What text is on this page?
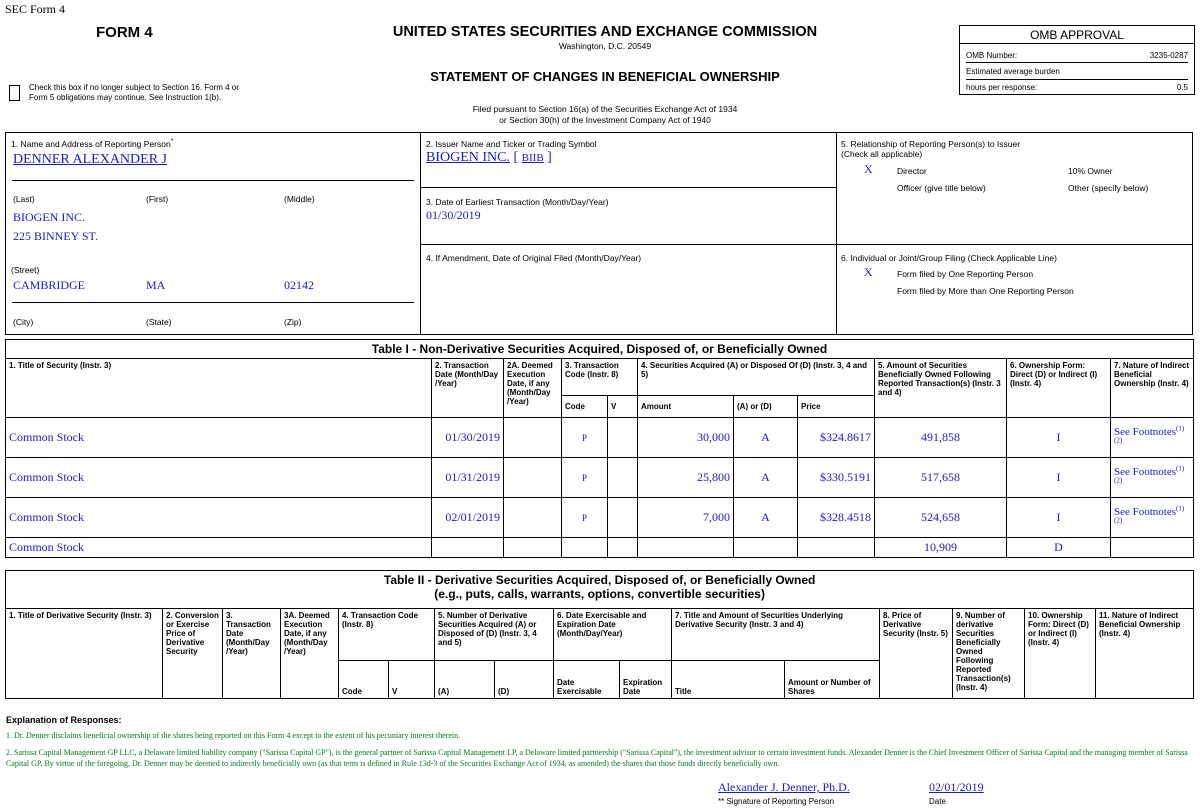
SEC Form 4
FORM 4	UNITED STATES SECURITIES AND EXCHANGE COMMISSION
Washington, D.C. 20549
STATEMENT OF CHANGES IN BENEFICIAL OWNERSHIP
Filed pursuant to Section 16(a) of the Securities Exchange Act of 1934
or Section 30(h) of the Investment Company Act of 1940
Check this box if no longer subject to Section 16. Form 4 or Form 5 obligations may continue. See Instruction 1(b).
OMB APPROVAL
OMB Number:	3235-0287
Estimated average burden
hours per response:	0.5
1. Name and Address of Reporting Person*
DENNER ALEXANDER J
(Last)	(First)	(Middle)
BIOGEN INC.
225 BINNEY ST.
(Street)
CAMBRIDGE	MA	02142
(City)	(State)	(Zip)
2. Issuer Name and Ticker or Trading Symbol
BIOGEN INC. [ BIIB ]
3. Date of Earliest Transaction (Month/Day/Year)
01/30/2019
4. If Amendment, Date of Original Filed (Month/Day/Year)
5. Relationship of Reporting Person(s) to Issuer
(Check all applicable)
X	Director	10% Owner
Officer (give title below)	Other (specify below)
6. Individual or Joint/Group Filing (Check Applicable Line)
X	Form filed by One Reporting Person
Form filed by More than One Reporting Person
Table I - Non-Derivative Securities Acquired, Disposed of, or Beneficially Owned										
1. Title of Security (Instr. 3)	2. Transaction Date (Month/Day /Year)	2A. Deemed Execution Date, if any (Month/Day /Year)	3. Transaction Code (Instr. 8)		4. Securities Acquired (A) or Disposed Of (D) (Instr. 3, 4 and 5)			5. Amount of Securities Beneficially Owned Following Reported Transaction(s) (Instr. 3 and 4)	6. Ownership Form: Direct (D) or Indirect (I) (Instr. 4)	7. Nature of Indirect Beneficial Ownership (Instr. 4)
			Code	V	Amount	(A) or (D)	Price			
Common Stock	01/30/2019		P		30,000	A	$324.8617	491,858	I	See Footnotes$^{(1)(2)}$
Common Stock	01/31/2019		P		25,800	A	$330.5191	517,658	I	See Footnotes$^{(1)(2)}$
Common Stock	02/01/2019		P		7,000	A	$328.4518	524,658	I	See Footnotes$^{(1)(2)}$
Common Stock								10,909	D	
Table II - Derivative Securities Acquired, Disposed of, or Beneficially Owned
(e.g., puts, calls, warrants, options, convertible securities)															

1. Title of Derivative Security (Instr. 3)	2. Conversion or Exercise Price of Derivative Security	3. Transaction Date (Month/Day /Year)	3A. Deemed Execution Date, if any (Month/Day /Year)	4. Transaction Code (Instr. 8)		5. Number of Derivative Securities Acquired (A) or Disposed of (D) (Instr. 3, 4 and 5)		6. Date Exercisable and Expiration Date (Month/Day/Year)		7. Title and Amount of Securities Underlying Derivative Security (Instr. 3 and 4)		8. Price of Derivative Security (Instr. 5)	9. Number of derivative Securities Beneficially Owned Following Reported Transaction(s) (Instr. 4)	10. Ownership Form: Direct (D) or Indirect (I) (Instr. 4)	11. Nature of Indirect Beneficial Ownership (Instr. 4)
				Code	V	(A)	(D)	Date Exercisable	Expiration Date	Title	Amount or Number of Shares				
Explanation of Responses:
1. Dr. Denner disclaims beneficial ownership of the shares being reported on this Form 4 except to the extent of his pecuniary interest therein.
2. Sarissa Capital Management GP LLC, a Delaware limited liability company ("Sarissa Capital GP"), is the general partner of Sarissa Capital Management LP, a Delaware limited partnership ("Sarissa Capital"), the investment advisor to certain investment funds. Alexander Denner is the Chief Investment Officer of Sarissa Capital and the managing member of Sarissa Capital GP. By virtue of the foregoing, Dr. Denner may be deemed to indirectly beneficially own (as that term is defined in Rule 13d-3 of the Securities Exchange Act of 1934, as amended) the shares that those funds directly beneficially own.
Alexander J. Denner, Ph.D.	02/01/2019
** Signature of Reporting Person	Date
